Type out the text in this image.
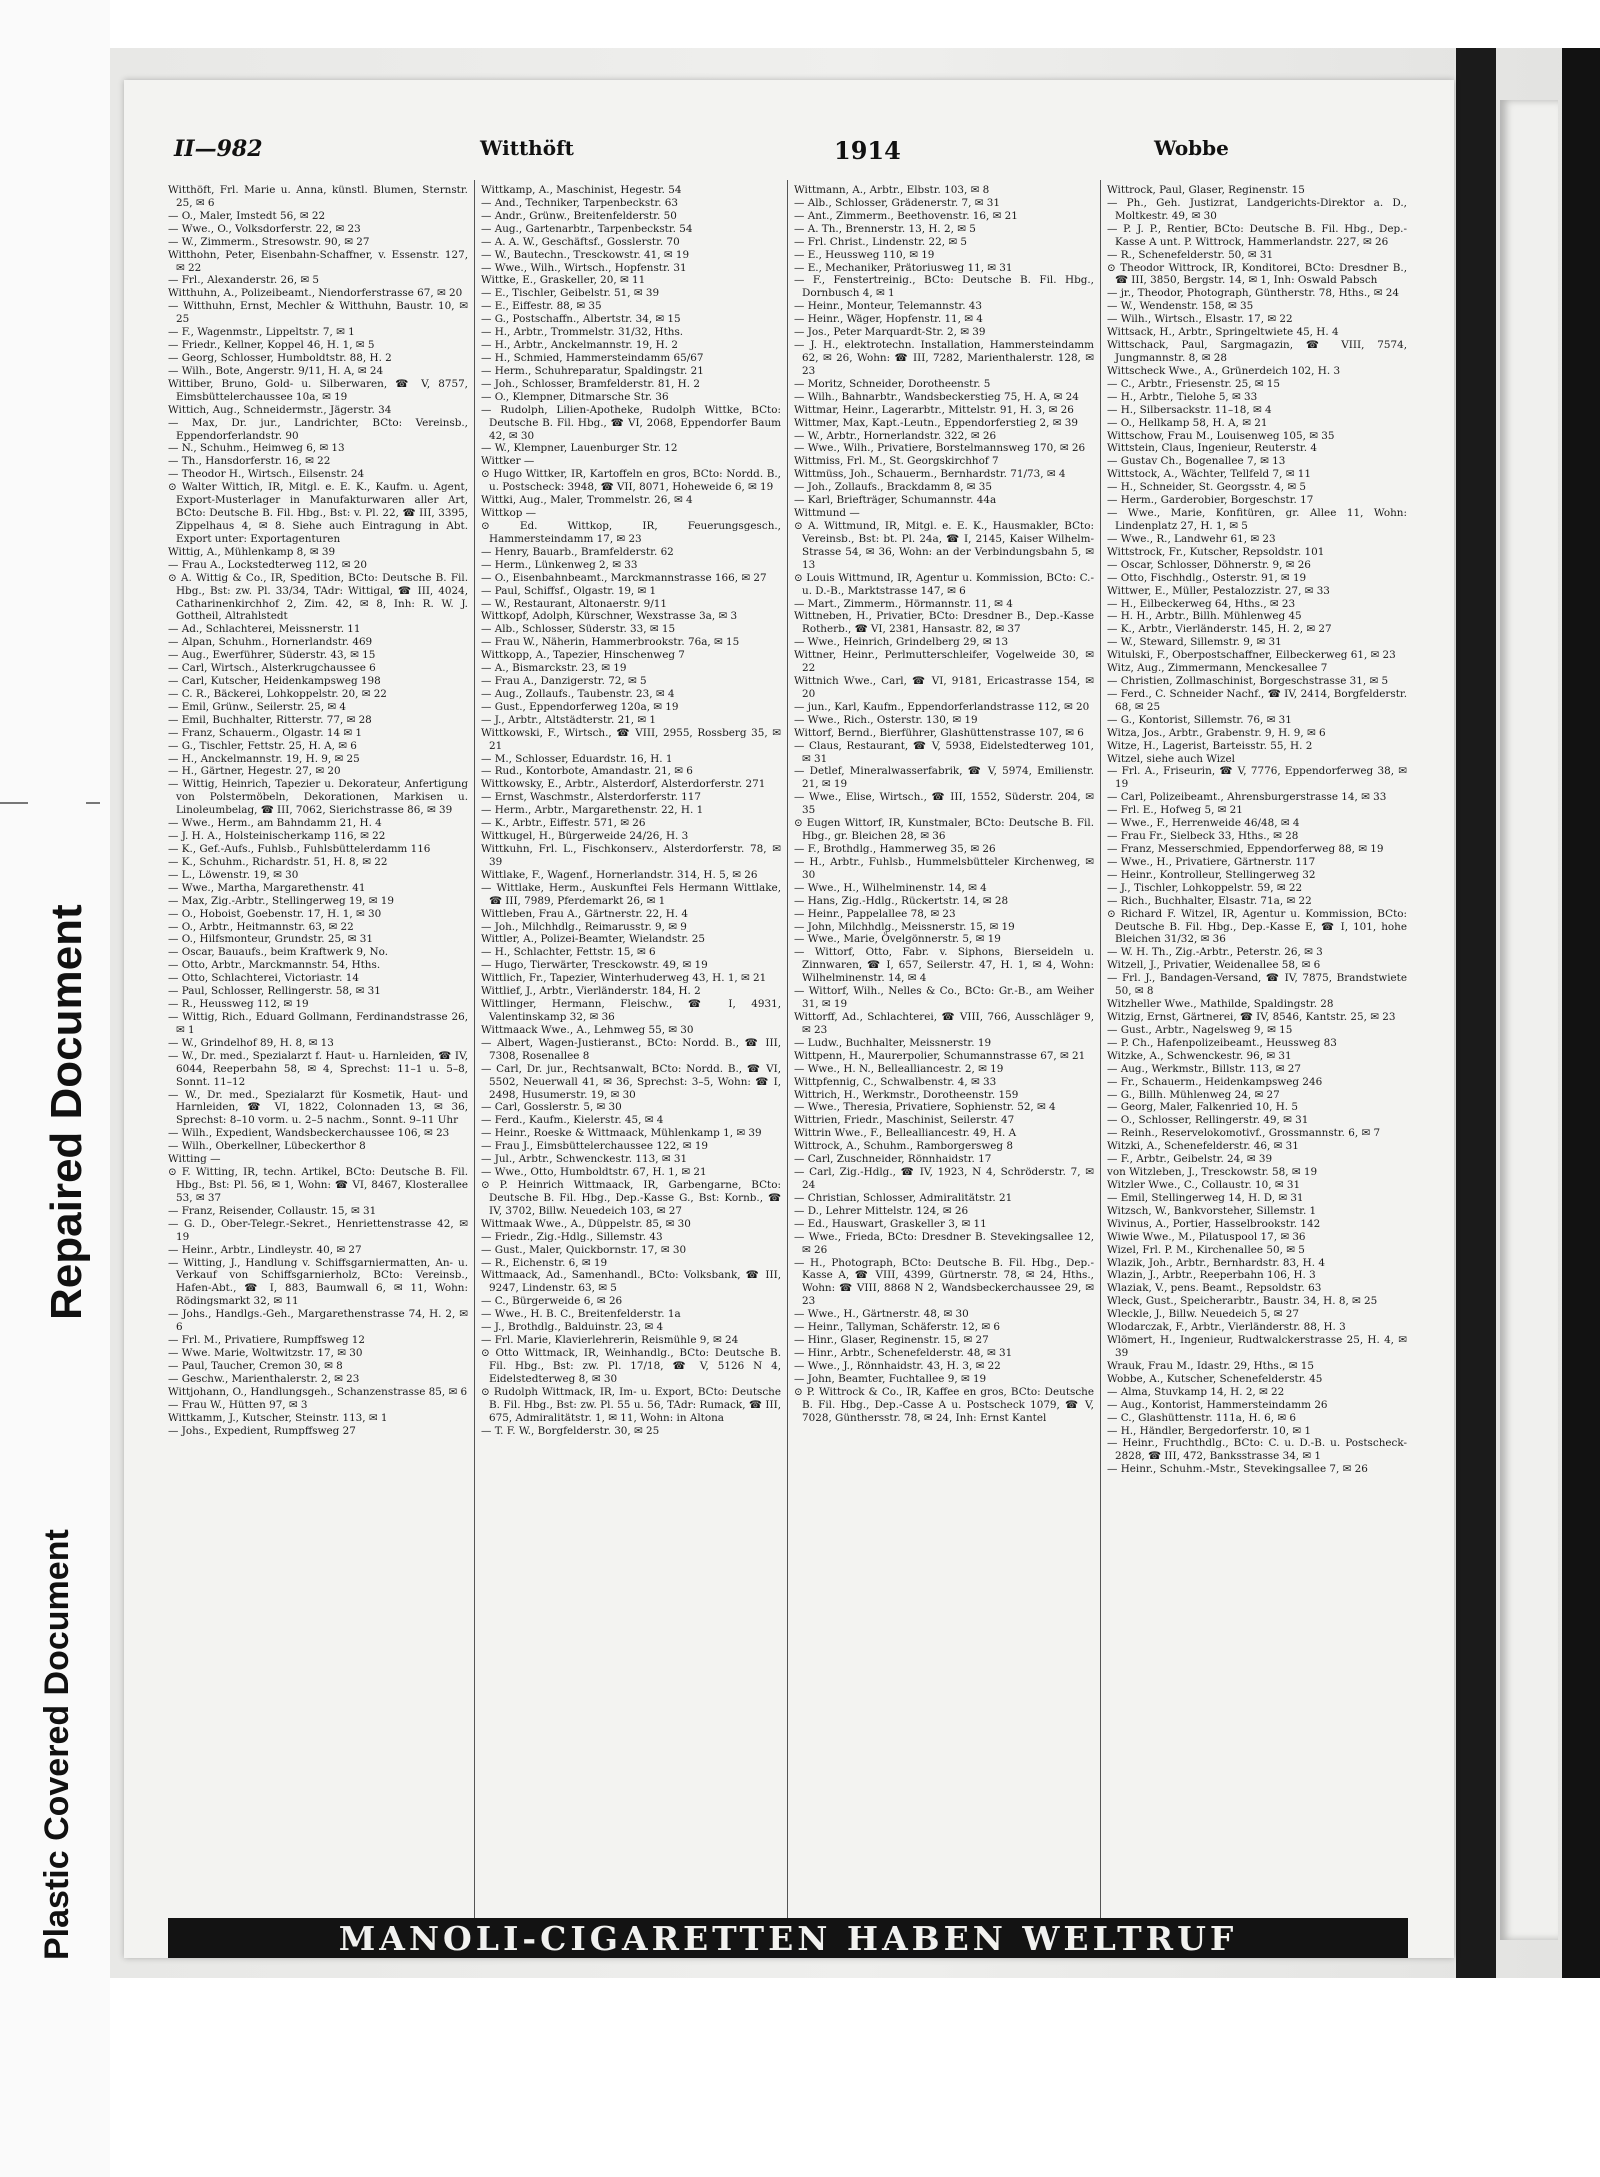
Plastic Covered Document
Repaired Document
II—982	Witthöft	1914	Wobbe

Witthöft, Frl. Marie u. Anna, künstl. Blumen, Sternstr. 25, ✉ 6

— O., Maler, Imstedt 56, ✉ 22

— Wwe., O., Volksdorferstr. 22, ✉ 23

— W., Zimmerm., Stresowstr. 90, ✉ 27

Witthohn, Peter, Eisenbahn-Schaffner, v. Essenstr. 127, ✉ 22

— Frl., Alexanderstr. 26, ✉ 5

Witthuhn, A., Polizeibeamt., Niendorferstrasse 67, ✉ 20

— Witthuhn, Ernst, Mechler & Witthuhn, Baustr. 10, ✉ 25

— F., Wagenmstr., Lippeltstr. 7, ✉ 1

— Friedr., Kellner, Koppel 46, H. 1, ✉ 5

— Georg, Schlosser, Humboldtstr. 88, H. 2

— Wilh., Bote, Angerstr. 9/11, H. A, ✉ 24

Wittiber, Bruno, Gold- u. Silberwaren, ☎ V, 8757, Eimsbüttelerchaussee 10a, ✉ 19

Wittich, Aug., Schneidermstr., Jägerstr. 34

— Max, Dr. jur., Landrichter, BCto: Vereinsb., Eppendorferlandstr. 90

— N., Schuhm., Heimweg 6, ✉ 13

— Th., Hansdorferstr. 16, ✉ 22

— Theodor H., Wirtsch., Eilsenstr. 24

⊙ Walter Wittich, IR, Mitgl. e. E. K., Kaufm. u. Agent, Export-Musterlager in Manufakturwaren aller Art, BCto: Deutsche B. Fil. Hbg., Bst: v. Pl. 22, ☎ III, 3395, Zippelhaus 4, ✉ 8. Siehe auch Eintragung in Abt. Export unter: Exportagenturen

Wittig, A., Mühlenkamp 8, ✉ 39

— Frau A., Lockstedterweg 112, ✉ 20

⊙ A. Wittig & Co., IR, Spedition, BCto: Deutsche B. Fil. Hbg., Bst: zw. Pl. 33/34, TAdr: Wittigal, ☎ III, 4024, Catharinenkirchhof 2, Zim. 42, ✉ 8, Inh: R. W. J. Gottheil, Altrahlstedt

— Ad., Schlachterei, Meissnerstr. 11

— Alpan, Schuhm., Hornerlandstr. 469

— Aug., Ewerführer, Süderstr. 43, ✉ 15

— Carl, Wirtsch., Alsterkrugchaussee 6

— Carl, Kutscher, Heidenkampsweg 198

— C. R., Bäckerei, Lohkoppelstr. 20, ✉ 22

— Emil, Grünw., Seilerstr. 25, ✉ 4

— Emil, Buchhalter, Ritterstr. 77, ✉ 28

— Franz, Schauerm., Olgastr. 14 ✉ 1

— G., Tischler, Fettstr. 25, H. A, ✉ 6

— H., Anckelmannstr. 19, H. 9, ✉ 25

— H., Gärtner, Hegestr. 27, ✉ 20

— Wittig, Heinrich, Tapezier u. Dekorateur, Anfertigung von Polstermöbeln, Dekorationen, Markisen u. Linoleumbelag, ☎ III, 7062, Sierichstrasse 86, ✉ 39

— Wwe., Herm., am Bahndamm 21, H. 4

— J. H. A., Holsteinischerkamp 116, ✉ 22

— K., Gef.-Aufs., Fuhlsb., Fuhlsbüttelerdamm 116

— K., Schuhm., Richardstr. 51, H. 8, ✉ 22

— L., Löwenstr. 19, ✉ 30

— Wwe., Martha, Margarethenstr. 41

— Max, Zig.-Arbtr., Stellingerweg 19, ✉ 19

— O., Hoboist, Goebenstr. 17, H. 1, ✉ 30

— O., Arbtr., Heitmannstr. 63, ✉ 22

— O., Hilfsmonteur, Grundstr. 25, ✉ 31

— Oscar, Bauaufs., beim Kraftwerk 9, No.

— Otto, Arbtr., Marckmannstr. 54, Hths.

— Otto, Schlachterei, Victoriastr. 14

— Paul, Schlosser, Rellingerstr. 58, ✉ 31

— R., Heussweg 112, ✉ 19

— Wittig, Rich., Eduard Gollmann, Ferdinandstrasse 26, ✉ 1

— W., Grindelhof 89, H. 8, ✉ 13

— W., Dr. med., Spezialarzt f. Haut- u. Harnleiden, ☎ IV, 6044, Reeperbahn 58, ✉ 4, Sprechst: 11–1 u. 5–8, Sonnt. 11–12

— W., Dr. med., Spezialarzt für Kosmetik, Haut- und Harnleiden, ☎ VI, 1822, Colonnaden 13, ✉ 36, Sprechst: 8–10 vorm. u. 2–5 nachm., Sonnt. 9–11 Uhr

— Wilh., Expedient, Wandsbeckerchaussee 106, ✉ 23

— Wilh., Oberkellner, Lübeckerthor 8

Witting —

⊙ F. Witting, IR, techn. Artikel, BCto: Deutsche B. Fil. Hbg., Bst: Pl. 56, ✉ 1, Wohn: ☎ VI, 8467, Klosterallee 53, ✉ 37

— Franz, Reisender, Collaustr. 15, ✉ 31

— G. D., Ober-Telegr.-Sekret., Henriettenstrasse 42, ✉ 19

— Heinr., Arbtr., Lindleystr. 40, ✉ 27

— Witting, J., Handlung v. Schiffsgarniermatten, An- u. Verkauf von Schiffsgarnierholz, BCto: Vereinsb., Hafen-Abt., ☎ I, 883, Baumwall 6, ✉ 11, Wohn: Rödingsmarkt 32, ✉ 11

— Johs., Handlgs.-Geh., Margarethenstrasse 74, H. 2, ✉ 6

— Frl. M., Privatiere, Rumpffsweg 12

— Wwe. Marie, Woltwitzstr. 17, ✉ 30

— Paul, Taucher, Cremon 30, ✉ 8

— Geschw., Marienthalerstr. 2, ✉ 23

Wittjohann, O., Handlungsgeh., Schanzenstrasse 85, ✉ 6

— Frau W., Hütten 97, ✉ 3

Wittkamm, J., Kutscher, Steinstr. 113, ✉ 1

— Johs., Expedient, Rumpffsweg 27

Wittkamp, A., Maschinist, Hegestr. 54

— And., Techniker, Tarpenbeckstr. 63

— Andr., Grünw., Breitenfelderstr. 50

— Aug., Gartenarbtr., Tarpenbeckstr. 54

— A. A. W., Geschäftsf., Gosslerstr. 70

— W., Bautechn., Tresckowstr. 41, ✉ 19

— Wwe., Wilh., Wirtsch., Hopfenstr. 31

Wittke, E., Graskeller, 20, ✉ 11

— E., Tischler, Geibelstr. 51, ✉ 39

— E., Eiffestr. 88, ✉ 35

— G., Postschaffn., Albertstr. 34, ✉ 15

— H., Arbtr., Trommelstr. 31/32, Hths.

— H., Arbtr., Anckelmannstr. 19, H. 2

— H., Schmied, Hammersteindamm 65/67

— Herm., Schuhreparatur, Spaldingstr. 21

— Joh., Schlosser, Bramfelderstr. 81, H. 2

— O., Klempner, Ditmarsche Str. 36

— Rudolph, Lilien-Apotheke, Rudolph Wittke, BCto: Deutsche B. Fil. Hbg., ☎ VI, 2068, Eppendorfer Baum 42, ✉ 30

— W., Klempner, Lauenburger Str. 12

Wittker —

⊙ Hugo Wittker, IR, Kartoffeln en gros, BCto: Nordd. B., u. Postscheck: 3948, ☎ VII, 8071, Hoheweide 6, ✉ 19

Wittki, Aug., Maler, Trommelstr. 26, ✉ 4

Wittkop —

⊙ Ed. Wittkop, IR, Feuerungsgesch., Hammersteindamm 17, ✉ 23

— Henry, Bauarb., Bramfelderstr. 62

— Herm., Lünkenweg 2, ✉ 33

— O., Eisenbahnbeamt., Marckmannstrasse 166, ✉ 27

— Paul, Schiffsf., Olgastr. 19, ✉ 1

— W., Restaurant, Altonaerstr. 9/11

Wittkopf, Adolph, Kürschner, Wexstrasse 3a, ✉ 3

— Alb., Schlosser, Süderstr. 33, ✉ 15

— Frau W., Näherin, Hammerbrookstr. 76a, ✉ 15

Wittkopp, A., Tapezier, Hinschenweg 7

— A., Bismarckstr. 23, ✉ 19

— Frau A., Danzigerstr. 72, ✉ 5

— Aug., Zollaufs., Taubenstr. 23, ✉ 4

— Gust., Eppendorferweg 120a, ✉ 19

— J., Arbtr., Altstädterstr. 21, ✉ 1

Wittkowski, F., Wirtsch., ☎ VIII, 2955, Rossberg 35, ✉ 21

— M., Schlosser, Eduardstr. 16, H. 1

— Rud., Kontorbote, Amandastr. 21, ✉ 6

Wittkowsky, E., Arbtr., Alsterdorf, Alsterdorferstr. 271

— Ernst, Waschmstr., Alsterdorferstr. 117

— Herm., Arbtr., Margarethenstr. 22, H. 1

— K., Arbtr., Eiffestr. 571, ✉ 26

Wittkugel, H., Bürgerweide 24/26, H. 3

Wittkuhn, Frl. L., Fischkonserv., Alsterdorferstr. 78, ✉ 39

Wittlake, F., Wagenf., Hornerlandstr. 314, H. 5, ✉ 26

— Wittlake, Herm., Auskunftei Fels Hermann Wittlake, ☎ III, 7989, Pferdemarkt 26, ✉ 1

Wittleben, Frau A., Gärtnerstr. 22, H. 4

— Joh., Milchhdlg., Reimarusstr. 9, ✉ 9

Wittler, A., Polizei-Beamter, Wielandstr. 25

— H., Schlachter, Fettstr. 15, ✉ 6

— Hugo, Tierwärter, Tresckowstr. 49, ✉ 19

Wittlich, Fr., Tapezier, Winterhuderweg 43, H. 1, ✉ 21

Wittlief, J., Arbtr., Vierländerstr. 184, H. 2

Wittlinger, Hermann, Fleischw., ☎ I, 4931, Valentinskamp 32, ✉ 36

Wittmaack Wwe., A., Lehmweg 55, ✉ 30

— Albert, Wagen-Justieranst., BCto: Nordd. B., ☎ III, 7308, Rosenallee 8

— Carl, Dr. jur., Rechtsanwalt, BCto: Nordd. B., ☎ VI, 5502, Neuerwall 41, ✉ 36, Sprechst: 3–5, Wohn: ☎ I, 2498, Husumerstr. 19, ✉ 30

— Carl, Gosslerstr. 5, ✉ 30

— Ferd., Kaufm., Kielerstr. 45, ✉ 4

— Heinr., Roeske & Wittmaack, Mühlenkamp 1, ✉ 39

— Frau J., Eimsbüttelerchaussee 122, ✉ 19

— Jul., Arbtr., Schwenckestr. 113, ✉ 31

— Wwe., Otto, Humboldtstr. 67, H. 1, ✉ 21

⊙ P. Heinrich Wittmaack, IR, Garbengarne, BCto: Deutsche B. Fil. Hbg., Dep.-Kasse G., Bst: Kornb., ☎ IV, 3702, Billw. Neuedeich 103, ✉ 27

Wittmaak Wwe., A., Düppelstr. 85, ✉ 30

— Friedr., Zig.-Hdlg., Sillemstr. 43

— Gust., Maler, Quickbornstr. 17, ✉ 30

— R., Eichenstr. 6, ✉ 19

Wittmaack, Ad., Samenhandl., BCto: Volksbank, ☎ III, 9247, Lindenstr. 63, ✉ 5

— C., Bürgerweide 6, ✉ 26

— Wwe., H. B. C., Breitenfelderstr. 1a

— J., Brothdlg., Balduinstr. 23, ✉ 4

— Frl. Marie, Klavierlehrerin, Reismühle 9, ✉ 24

⊙ Otto Wittmack, IR, Weinhandlg., BCto: Deutsche B. Fil. Hbg., Bst: zw. Pl. 17/18, ☎ V, 5126 N 4, Eidelstedterweg 8, ✉ 30

⊙ Rudolph Wittmack, IR, Im- u. Export, BCto: Deutsche B. Fil. Hbg., Bst: zw. Pl. 55 u. 56, TAdr: Rumack, ☎ III, 675, Admiralitätstr. 1, ✉ 11, Wohn: in Altona

— T. F. W., Borgfelderstr. 30, ✉ 25

Wittmann, A., Arbtr., Elbstr. 103, ✉ 8

— Alb., Schlosser, Grädenerstr. 7, ✉ 31

— Ant., Zimmerm., Beethovenstr. 16, ✉ 21

— A. Th., Brennerstr. 13, H. 2, ✉ 5

— Frl. Christ., Lindenstr. 22, ✉ 5

— E., Heussweg 110, ✉ 19

— E., Mechaniker, Prätoriusweg 11, ✉ 31

— F., Fenstertreinig., BCto: Deutsche B. Fil. Hbg., Dornbusch 4, ✉ 1

— Heinr., Monteur, Telemannstr. 43

— Heinr., Wäger, Hopfenstr. 11, ✉ 4

— Jos., Peter Marquardt-Str. 2, ✉ 39

— J. H., elektrotechn. Installation, Hammersteindamm 62, ✉ 26, Wohn: ☎ III, 7282, Marienthalerstr. 128, ✉ 23

— Moritz, Schneider, Dorotheenstr. 5

— Wilh., Bahnarbtr., Wandsbeckerstieg 75, H. A, ✉ 24

Wittmar, Heinr., Lagerarbtr., Mittelstr. 91, H. 3, ✉ 26

Wittmer, Max, Kapt.-Leutn., Eppendorferstieg 2, ✉ 39

— W., Arbtr., Hornerlandstr. 322, ✉ 26

— Wwe., Wilh., Privatiere, Borstelmannsweg 170, ✉ 26

Wittmiss, Frl. M., St. Georgskirchhof 7

Wittmüss, Joh., Schauerm., Bernhardstr. 71/73, ✉ 4

— Joh., Zollaufs., Brackdamm 8, ✉ 35

— Karl, Briefträger, Schumannstr. 44a

Wittmund —

⊙ A. Wittmund, IR, Mitgl. e. E. K., Hausmakler, BCto: Vereinsb., Bst: bt. Pl. 24a, ☎ I, 2145, Kaiser Wilhelm-Strasse 54, ✉ 36, Wohn: an der Verbindungsbahn 5, ✉ 13

⊙ Louis Wittmund, IR, Agentur u. Kommission, BCto: C.-u. D.-B., Marktstrasse 147, ✉ 6

— Mart., Zimmerm., Hörmannstr. 11, ✉ 4

Wittneben, H., Privatier, BCto: Dresdner B., Dep.-Kasse Rotherb., ☎ VI, 2381, Hansastr. 82, ✉ 37

— Wwe., Heinrich, Grindelberg 29, ✉ 13

Wittner, Heinr., Perlmutterschleifer, Vogelweide 30, ✉ 22

Wittnich Wwe., Carl, ☎ VI, 9181, Ericastrasse 154, ✉ 20

— jun., Karl, Kaufm., Eppendorferlandstrasse 112, ✉ 20

— Wwe., Rich., Osterstr. 130, ✉ 19

Wittorf, Bernd., Bierführer, Glashüttenstrasse 107, ✉ 6

— Claus, Restaurant, ☎ V, 5938, Eidelstedterweg 101, ✉ 31

— Detlef, Mineralwasserfabrik, ☎ V, 5974, Emilienstr. 21, ✉ 19

— Wwe., Elise, Wirtsch., ☎ III, 1552, Süderstr. 204, ✉ 35

⊙ Eugen Wittorf, IR, Kunstmaler, BCto: Deutsche B. Fil. Hbg., gr. Bleichen 28, ✉ 36

— F., Brothdlg., Hammerweg 35, ✉ 26

— H., Arbtr., Fuhlsb., Hummelsbütteler Kirchenweg, ✉ 30

— Wwe., H., Wilhelminenstr. 14, ✉ 4

— Hans, Zig.-Hdlg., Rückertstr. 14, ✉ 28

— Heinr., Pappelallee 78, ✉ 23

— John, Milchhdlg., Meissnerstr. 15, ✉ 19

— Wwe., Marie, Övelgönnerstr. 5, ✉ 19

— Wittorf, Otto, Fabr. v. Siphons, Bierseideln u. Zinnwaren, ☎ I, 657, Seilerstr. 47, H. 1, ✉ 4, Wohn: Wilhelminenstr. 14, ✉ 4

— Wittorf, Wilh., Nelles & Co., BCto: Gr.-B., am Weiher 31, ✉ 19

Wittorff, Ad., Schlachterei, ☎ VIII, 766, Ausschläger 9, ✉ 23

— Ludw., Buchhalter, Meissnerstr. 19

Wittpenn, H., Maurerpolier, Schumannstrasse 67, ✉ 21

— Wwe., H. N., Bellealliancestr. 2, ✉ 19

Wittpfennig, C., Schwalbenstr. 4, ✉ 33

Wittrich, H., Werkmstr., Dorotheenstr. 159

— Wwe., Theresia, Privatiere, Sophienstr. 52, ✉ 4

Wittrien, Friedr., Maschinist, Seilerstr. 47

Wittrin Wwe., F., Bellealliancestr. 49, H. A

Wittrock, A., Schuhm., Ramborgersweg 8

— Carl, Zuschneider, Rönnhaidstr. 17

— Carl, Zig.-Hdlg., ☎ IV, 1923, N 4, Schröderstr. 7, ✉ 24

— Christian, Schlosser, Admiralitätstr. 21

— D., Lehrer Mittelstr. 124, ✉ 26

— Ed., Hauswart, Graskeller 3, ✉ 11

— Wwe., Frieda, BCto: Dresdner B. Stevekingsallee 12, ✉ 26

— H., Photograph, BCto: Deutsche B. Fil. Hbg., Dep.-Kasse A, ☎ VIII, 4399, Gürtnerstr. 78, ✉ 24, Hths., Wohn: ☎ VIII, 8868 N 2, Wandsbeckerchaussee 29, ✉ 23

— Wwe., H., Gärtnerstr. 48, ✉ 30

— Heinr., Tallyman, Schäferstr. 12, ✉ 6

— Hinr., Glaser, Reginenstr. 15, ✉ 27

— Hinr., Arbtr., Schenefelderstr. 48, ✉ 31

— Wwe., J., Rönnhaidstr. 43, H. 3, ✉ 22

— John, Beamter, Fuchtallee 9, ✉ 19

⊙ P. Wittrock & Co., IR, Kaffee en gros, BCto: Deutsche B. Fil. Hbg., Dep.-Casse A u. Postscheck 1079, ☎ V, 7028, Günthersstr. 78, ✉ 24, Inh: Ernst Kantel

Wittrock, Paul, Glaser, Reginenstr. 15

— Ph., Geh. Justizrat, Landgerichts-Direktor a. D., Moltkestr. 49, ✉ 30

— P. J. P., Rentier, BCto: Deutsche B. Fil. Hbg., Dep.-Kasse A unt. P. Wittrock, Hammerlandstr. 227, ✉ 26

— R., Schenefelderstr. 50, ✉ 31

⊙ Theodor Wittrock, IR, Konditorei, BCto: Dresdner B., ☎ III, 3850, Bergstr. 14, ✉ 1, Inh: Oswald Pabsch

— jr., Theodor, Photograph, Güntherstr. 78, Hths., ✉ 24

— W., Wendenstr. 158, ✉ 35

— Wilh., Wirtsch., Elsastr. 17, ✉ 22

Wittsack, H., Arbtr., Springeltwiete 45, H. 4

Wittschack, Paul, Sargmagazin, ☎ VIII, 7574, Jungmannstr. 8, ✉ 28

Wittscheck Wwe., A., Grünerdeich 102, H. 3

— C., Arbtr., Friesenstr. 25, ✉ 15

— H., Arbtr., Tielohe 5, ✉ 33

— H., Silbersackstr. 11–18, ✉ 4

— O., Hellkamp 58, H. A, ✉ 21

Wittschow, Frau M., Louisenweg 105, ✉ 35

Wittstein, Claus, Ingenieur, Reuterstr. 4

— Gustav Ch., Bogenallee 7, ✉ 13

Wittstock, A., Wächter, Tellfeld 7, ✉ 11

— H., Schneider, St. Georgsstr. 4, ✉ 5

— Herm., Garderobier, Borgeschstr. 17

— Wwe., Marie, Konfitüren, gr. Allee 11, Wohn: Lindenplatz 27, H. 1, ✉ 5

— Wwe., R., Landwehr 61, ✉ 23

Wittstrock, Fr., Kutscher, Repsoldstr. 101

— Oscar, Schlosser, Döhnerstr. 9, ✉ 26

— Otto, Fischhdlg., Osterstr. 91, ✉ 19

Wittwer, E., Müller, Pestalozzistr. 27, ✉ 33

— H., Eilbeckerweg 64, Hths., ✉ 23

— H. H., Arbtr., Billh. Mühlenweg 45

— K., Arbtr., Vierländerstr. 145, H. 2, ✉ 27

— W., Steward, Sillemstr. 9, ✉ 31

Witulski, F., Oberpostschaffner, Eilbeckerweg 61, ✉ 23

Witz, Aug., Zimmermann, Menckesallee 7

— Christien, Zollmaschinist, Borgeschstrasse 31, ✉ 5

— Ferd., C. Schneider Nachf., ☎ IV, 2414, Borgfelderstr. 68, ✉ 25

— G., Kontorist, Sillemstr. 76, ✉ 31

Witza, Jos., Arbtr., Grabenstr. 9, H. 9, ✉ 6

Witze, H., Lagerist, Barteisstr. 55, H. 2

Witzel, siehe auch Wizel

— Frl. A., Friseurin, ☎ V, 7776, Eppendorferweg 38, ✉ 19

— Carl, Polizeibeamt., Ahrensburgerstrasse 14, ✉ 33

— Frl. E., Hofweg 5, ✉ 21

— Wwe., F., Herrenweide 46/48, ✉ 4

— Frau Fr., Sielbeck 33, Hths., ✉ 28

— Franz, Messerschmied, Eppendorferweg 88, ✉ 19

— Wwe., H., Privatiere, Gärtnerstr. 117

— Heinr., Kontrolleur, Stellingerweg 32

— J., Tischler, Lohkoppelstr. 59, ✉ 22

— Rich., Buchhalter, Elsastr. 71a, ✉ 22

⊙ Richard F. Witzel, IR, Agentur u. Kommission, BCto: Deutsche B. Fil. Hbg., Dep.-Kasse E, ☎ I, 101, hohe Bleichen 31/32, ✉ 36

— W. H. Th., Zig.-Arbtr., Peterstr. 26, ✉ 3

Witzell, J., Privatier, Weidenallee 58, ✉ 6

— Frl. J., Bandagen-Versand, ☎ IV, 7875, Brandstwiete 50, ✉ 8

Witzheller Wwe., Mathilde, Spaldingstr. 28

Witzig, Ernst, Gärtnerei, ☎ IV, 8546, Kantstr. 25, ✉ 23

— Gust., Arbtr., Nagelsweg 9, ✉ 15

— P. Ch., Hafenpolizeibeamt., Heussweg 83

Witzke, A., Schwenckestr. 96, ✉ 31

— Aug., Werkmstr., Billstr. 113, ✉ 27

— Fr., Schauerm., Heidenkampsweg 246

— G., Billh. Mühlenweg 24, ✉ 27

— Georg, Maler, Falkenried 10, H. 5

— O., Schlosser, Rellingerstr. 49, ✉ 31

— Reinh., Reservelokomotivf., Grossmannstr. 6, ✉ 7

Witzki, A., Schenefelderstr. 46, ✉ 31

— F., Arbtr., Geibelstr. 24, ✉ 39

von Witzleben, J., Tresckowstr. 58, ✉ 19

Witzler Wwe., C., Collaustr. 10, ✉ 31

— Emil, Stellingerweg 14, H. D, ✉ 31

Witzsch, W., Bankvorsteher, Sillemstr. 1

Wivinus, A., Portier, Hasselbrookstr. 142

Wiwie Wwe., M., Pilatuspool 17, ✉ 36

Wizel, Frl. P. M., Kirchenallee 50, ✉ 5

Wlazik, Joh., Arbtr., Bernhardstr. 83, H. 4

Wlazin, J., Arbtr., Reeperbahn 106, H. 3

Wlaziak, V., pens. Beamt., Repsoldstr. 63

Wleck, Gust., Speicherarbtr., Baustr. 34, H. 8, ✉ 25

Wleckle, J., Billw. Neuedeich 5, ✉ 27

Wlodarczak, F., Arbtr., Vierländerstr. 88, H. 3

Wlömert, H., Ingenieur, Rudtwalckerstrasse 25, H. 4, ✉ 39

Wrauk, Frau M., Idastr. 29, Hths., ✉ 15

Wobbe, A., Kutscher, Schenefelderstr. 45

— Alma, Stuvkamp 14, H. 2, ✉ 22

— Aug., Kontorist, Hammersteindamm 26

— C., Glashüttenstr. 111a, H. 6, ✉ 6

— H., Händler, Bergedorferstr. 10, ✉ 1

— Heinr., Fruchthdlg., BCto: C. u. D.-B. u. Postscheck-2828, ☎ III, 472, Banksstrasse 34, ✉ 1

— Heinr., Schuhm.-Mstr., Stevekingsallee 7, ✉ 26

MANOLI-CIGARETTEN HABEN WELTRUF
